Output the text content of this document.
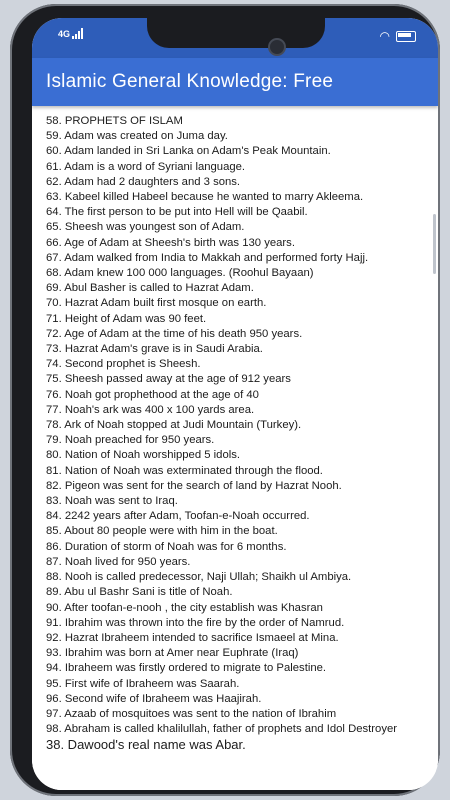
4G	◠
Islamic General Knowledge: Free
58. PROPHETS OF ISLAM
59. Adam was created on Juma day.
60. Adam landed in Sri Lanka on Adam's Peak Mountain.
61. Adam is a word of Syriani language.
62. Adam had 2 daughters and 3 sons.
63. Kabeel killed Habeel because he wanted to marry Akleema.
64. The first person to be put into Hell will be Qaabil.
65. Sheesh was youngest son of Adam.
66. Age of Adam at Sheesh's birth was 130 years.
67. Adam walked from India to Makkah and performed forty Hajj.
68. Adam knew 100 000 languages. (Roohul Bayaan)
69. Abul Basher is called to Hazrat Adam.
70. Hazrat Adam built first mosque on earth.
71. Height of Adam was 90 feet.
72. Age of Adam at the time of his death 950 years.
73. Hazrat Adam's grave is in Saudi Arabia.
74. Second prophet is Sheesh.
75. Sheesh passed away at the age of 912 years
76. Noah got prophethood at the age of 40
77. Noah's ark was 400 x 100 yards area.
78. Ark of Noah stopped at Judi Mountain (Turkey).
79. Noah preached for 950 years.
80. Nation of Noah worshipped 5 idols.
81. Nation of Noah was exterminated through the flood.
82. Pigeon was sent for the search of land by Hazrat Nooh.
83. Noah was sent to Iraq.
84. 2242 years after Adam, Toofan-e-Noah occurred.
85. About 80 people were with him in the boat.
86. Duration of storm of Noah was for 6 months.
87. Noah lived for 950 years.
88. Nooh is called predecessor, Naji Ullah; Shaikh ul Ambiya.
89. Abu ul Bashr Sani is title of Noah.
90. After toofan-e-nooh , the city establish was Khasran
91. Ibrahim was thrown into the fire by the order of Namrud.
92. Hazrat Ibraheem intended to sacrifice Ismaeel at Mina.
93. Ibrahim was born at Amer near Euphrate (Iraq)
94. Ibraheem was firstly ordered to migrate to Palestine.
95. First wife of Ibraheem was Saarah.
96. Second wife of Ibraheem was Haajirah.
97. Azaab of mosquitoes was sent to the nation of Ibrahim
98. Abraham is called khalilullah, father of prophets and Idol Destroyer
38. Dawood's real name was Abar.
